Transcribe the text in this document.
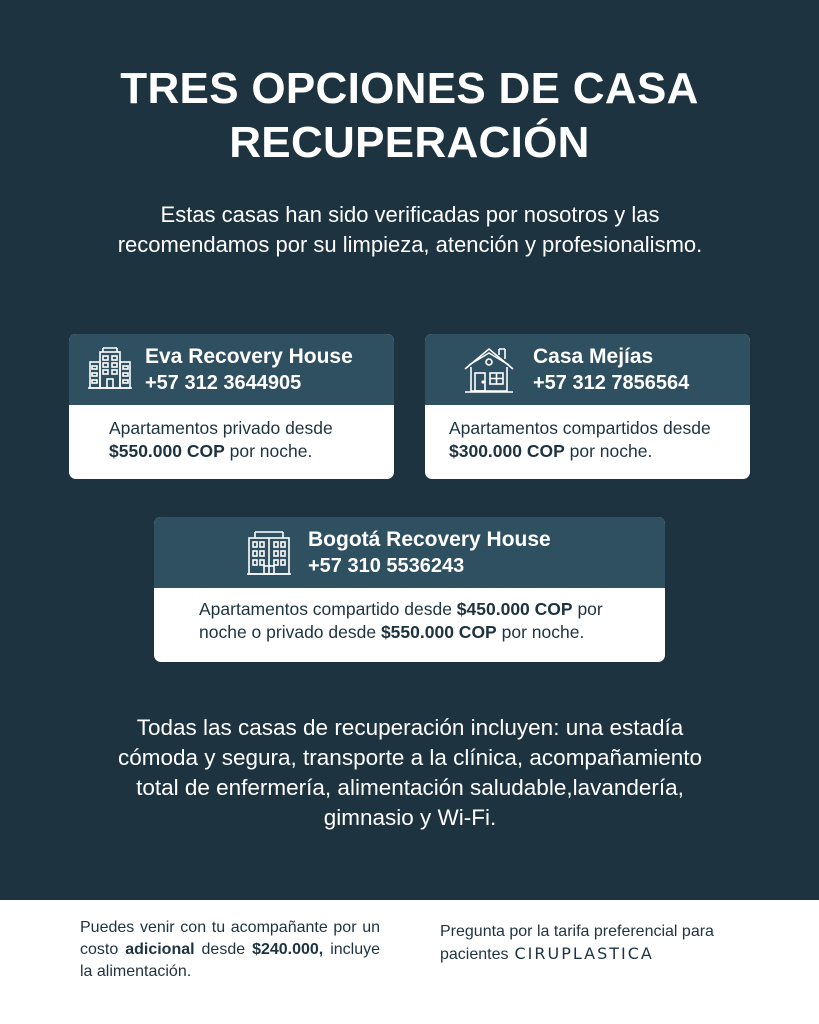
TRES OPCIONES DE CASA
RECUPERACIÓN

Estas casas han sido verificadas por nosotros y las recomendamos por su limpieza, atención y profesionalismo.

Eva Recovery House
+57 312 3644905
Apartamentos privado desde $550.000 COP por noche.
Casa Mejías
+57 312 7856564
Apartamentos compartidos desde $300.000 COP por noche.
Bogotá Recovery House
+57 310 5536243
Apartamentos compartido desde $450.000 COP por noche o privado desde $550.000 COP por noche.

Todas las casas de recuperación incluyen: una estadía cómoda y segura, transporte a la clínica, acompañamiento total de enfermería, alimentación saludable,lavandería, gimnasio y Wi-Fi.

Puedes venir con tu acompañante por un costo adicional desde $240.000, incluye la alimentación.

Pregunta por la tarifa preferencial para pacientes CIRUPLASTICA
